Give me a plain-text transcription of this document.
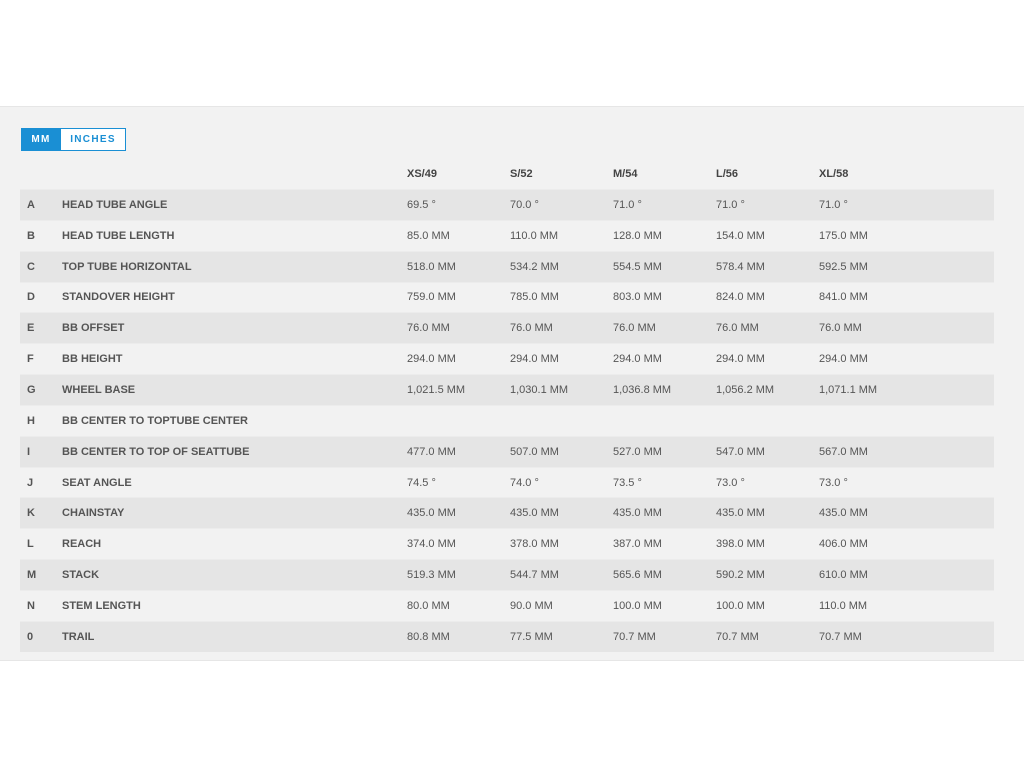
MM	INCHES
		XS/49	S/52	M/54	L/56	XL/58
A	HEAD TUBE ANGLE	69.5 °	70.0 °	71.0 °	71.0 °	71.0 °
B	HEAD TUBE LENGTH	85.0 MM	110.0 MM	128.0 MM	154.0 MM	175.0 MM
C	TOP TUBE HORIZONTAL	518.0 MM	534.2 MM	554.5 MM	578.4 MM	592.5 MM
D	STANDOVER HEIGHT	759.0 MM	785.0 MM	803.0 MM	824.0 MM	841.0 MM
E	BB OFFSET	76.0 MM	76.0 MM	76.0 MM	76.0 MM	76.0 MM
F	BB HEIGHT	294.0 MM	294.0 MM	294.0 MM	294.0 MM	294.0 MM
G	WHEEL BASE	1,021.5 MM	1,030.1 MM	1,036.8 MM	1,056.2 MM	1,071.1 MM
H	BB CENTER TO TOPTUBE CENTER					
I	BB CENTER TO TOP OF SEATTUBE	477.0 MM	507.0 MM	527.0 MM	547.0 MM	567.0 MM
J	SEAT ANGLE	74.5 °	74.0 °	73.5 °	73.0 °	73.0 °
K	CHAINSTAY	435.0 MM	435.0 MM	435.0 MM	435.0 MM	435.0 MM
L	REACH	374.0 MM	378.0 MM	387.0 MM	398.0 MM	406.0 MM
M	STACK	519.3 MM	544.7 MM	565.6 MM	590.2 MM	610.0 MM
N	STEM LENGTH	80.0 MM	90.0 MM	100.0 MM	100.0 MM	110.0 MM
0	TRAIL	80.8 MM	77.5 MM	70.7 MM	70.7 MM	70.7 MM
